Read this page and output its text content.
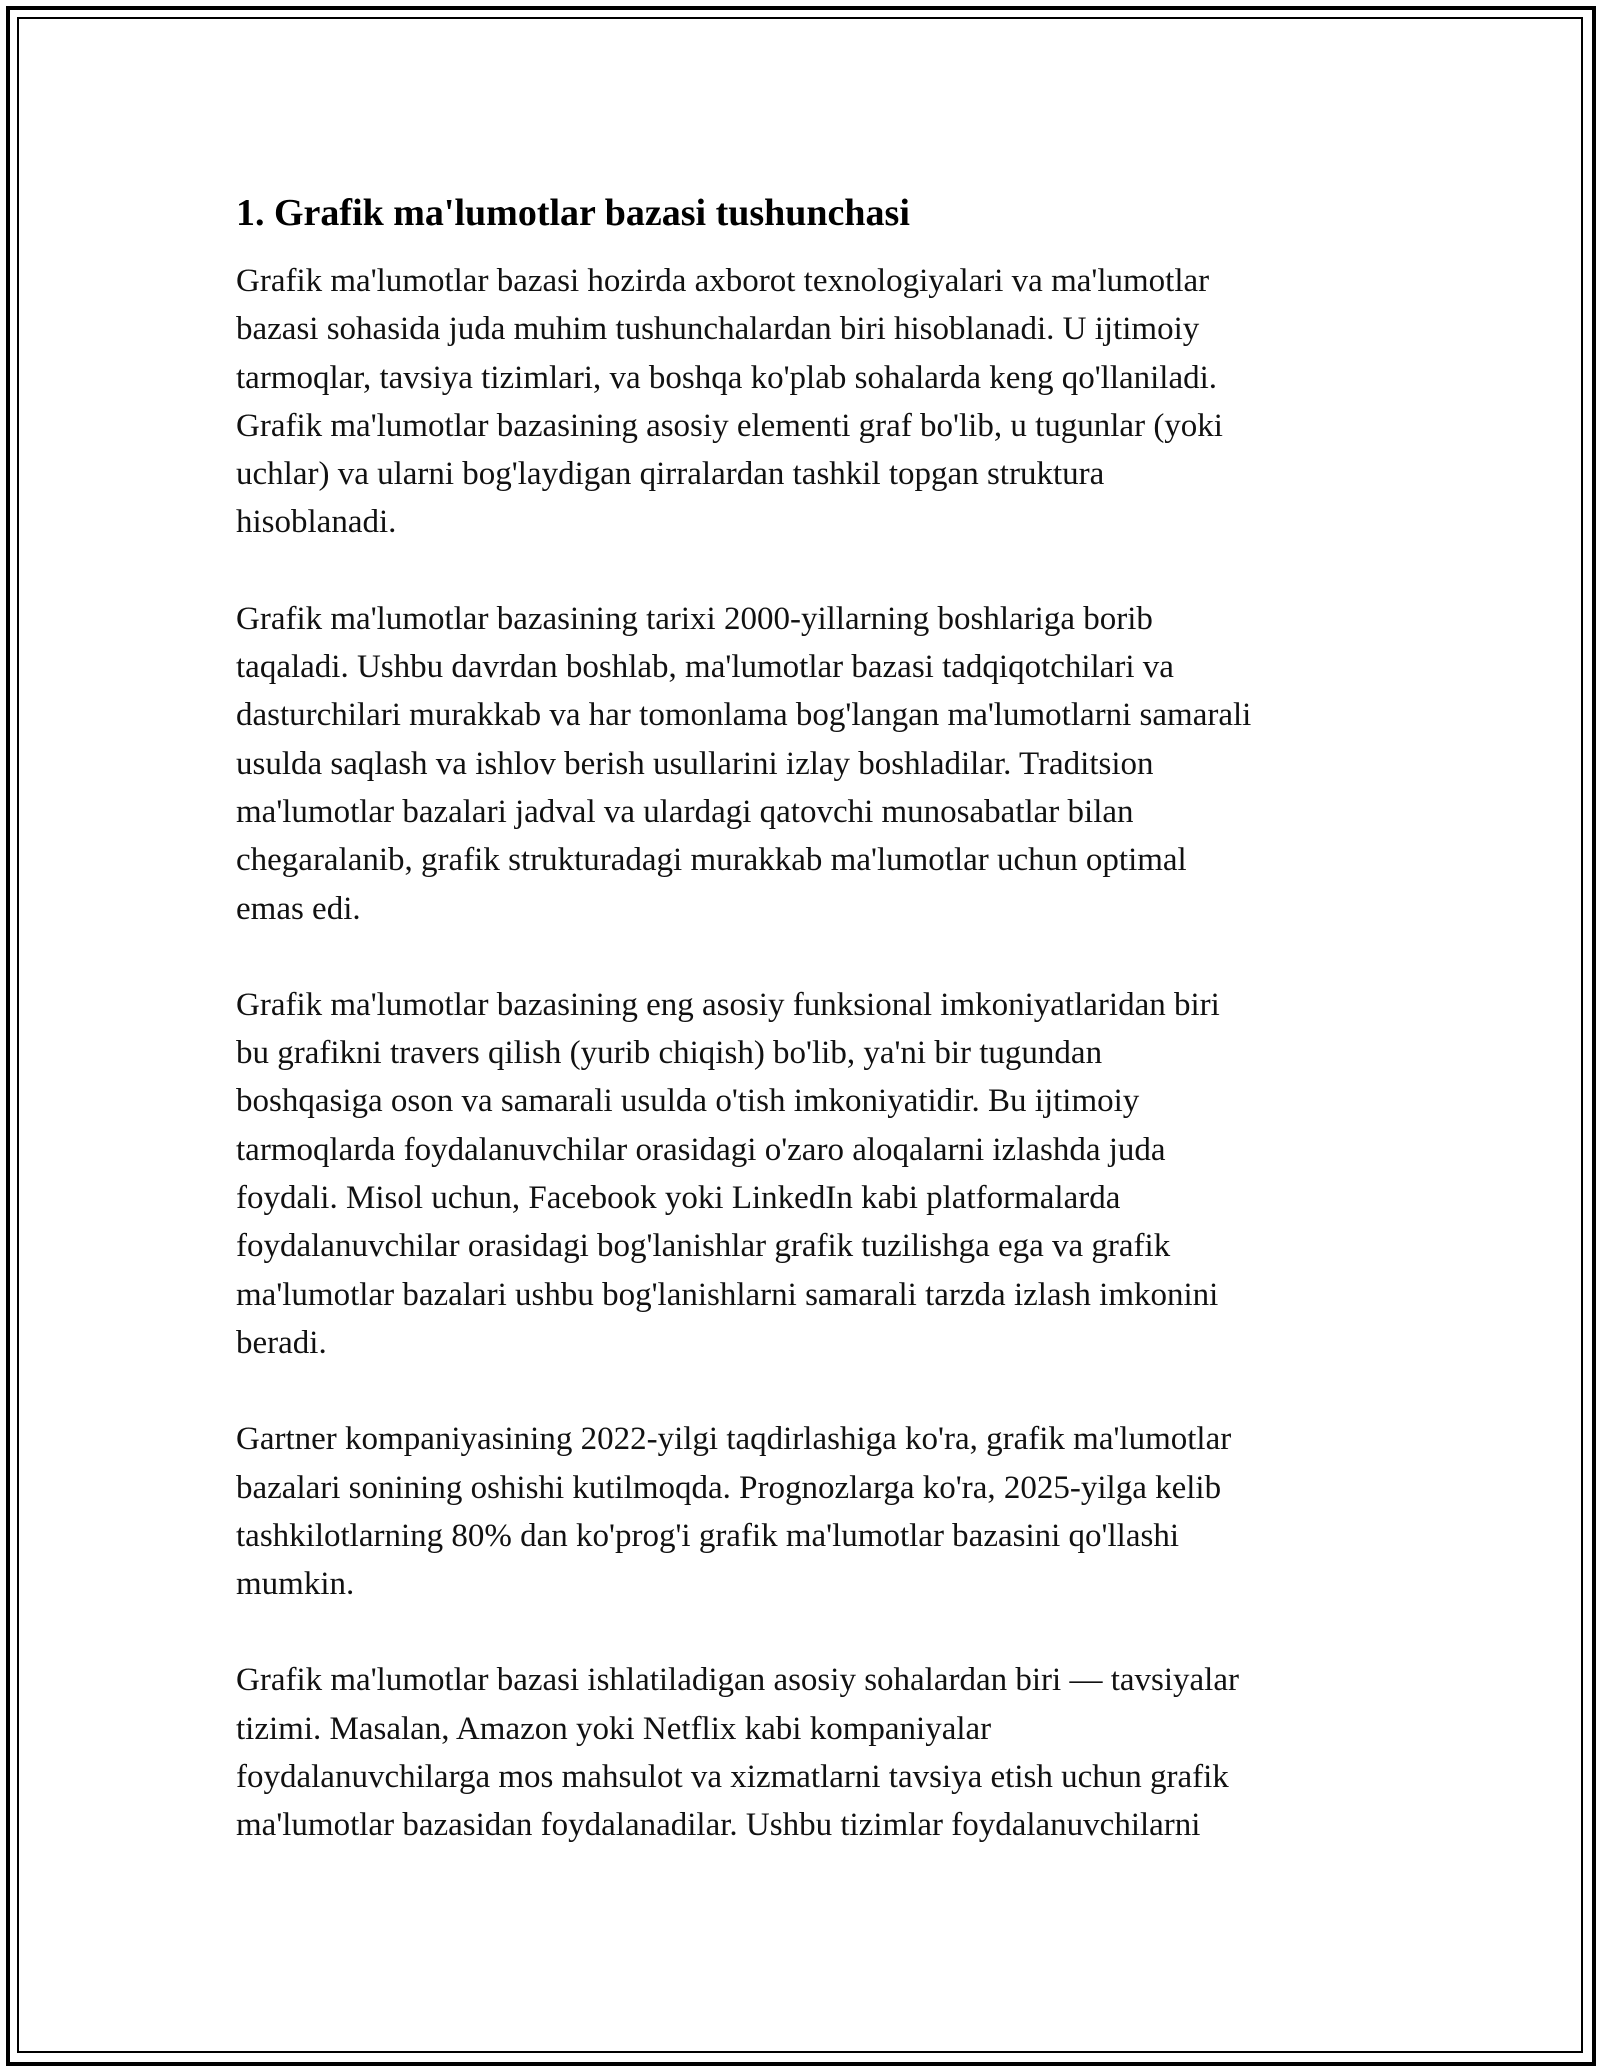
1. Grafik ma'lumotlar bazasi tushunchasi

Grafik ma'lumotlar bazasi hozirda axborot texnologiyalari va ma'lumotlar
bazasi sohasida juda muhim tushunchalardan biri hisoblanadi. U ijtimoiy
tarmoqlar, tavsiya tizimlari, va boshqa ko'plab sohalarda keng qo'llaniladi.
Grafik ma'lumotlar bazasining asosiy elementi graf bo'lib, u tugunlar (yoki
uchlar) va ularni bog'laydigan qirralardan tashkil topgan struktura
hisoblanadi.

Grafik ma'lumotlar bazasining tarixi 2000-yillarning boshlariga borib
taqaladi. Ushbu davrdan boshlab, ma'lumotlar bazasi tadqiqotchilari va
dasturchilari murakkab va har tomonlama bog'langan ma'lumotlarni samarali
usulda saqlash va ishlov berish usullarini izlay boshladilar. Traditsion
ma'lumotlar bazalari jadval va ulardagi qatovchi munosabatlar bilan
chegaralanib, grafik strukturadagi murakkab ma'lumotlar uchun optimal
emas edi.

Grafik ma'lumotlar bazasining eng asosiy funksional imkoniyatlaridan biri
bu grafikni travers qilish (yurib chiqish) bo'lib, ya'ni bir tugundan
boshqasiga oson va samarali usulda o'tish imkoniyatidir. Bu ijtimoiy
tarmoqlarda foydalanuvchilar orasidagi o'zaro aloqalarni izlashda juda
foydali. Misol uchun, Facebook yoki LinkedIn kabi platformalarda
foydalanuvchilar orasidagi bog'lanishlar grafik tuzilishga ega va grafik
ma'lumotlar bazalari ushbu bog'lanishlarni samarali tarzda izlash imkonini
beradi.

Gartner kompaniyasining 2022-yilgi taqdirlashiga ko'ra, grafik ma'lumotlar
bazalari sonining oshishi kutilmoqda. Prognozlarga ko'ra, 2025-yilga kelib
tashkilotlarning 80% dan ko'prog'i grafik ma'lumotlar bazasini qo'llashi
mumkin.

Grafik ma'lumotlar bazasi ishlatiladigan asosiy sohalardan biri — tavsiyalar
tizimi. Masalan, Amazon yoki Netflix kabi kompaniyalar
foydalanuvchilarga mos mahsulot va xizmatlarni tavsiya etish uchun grafik
ma'lumotlar bazasidan foydalanadilar. Ushbu tizimlar foydalanuvchilarni
